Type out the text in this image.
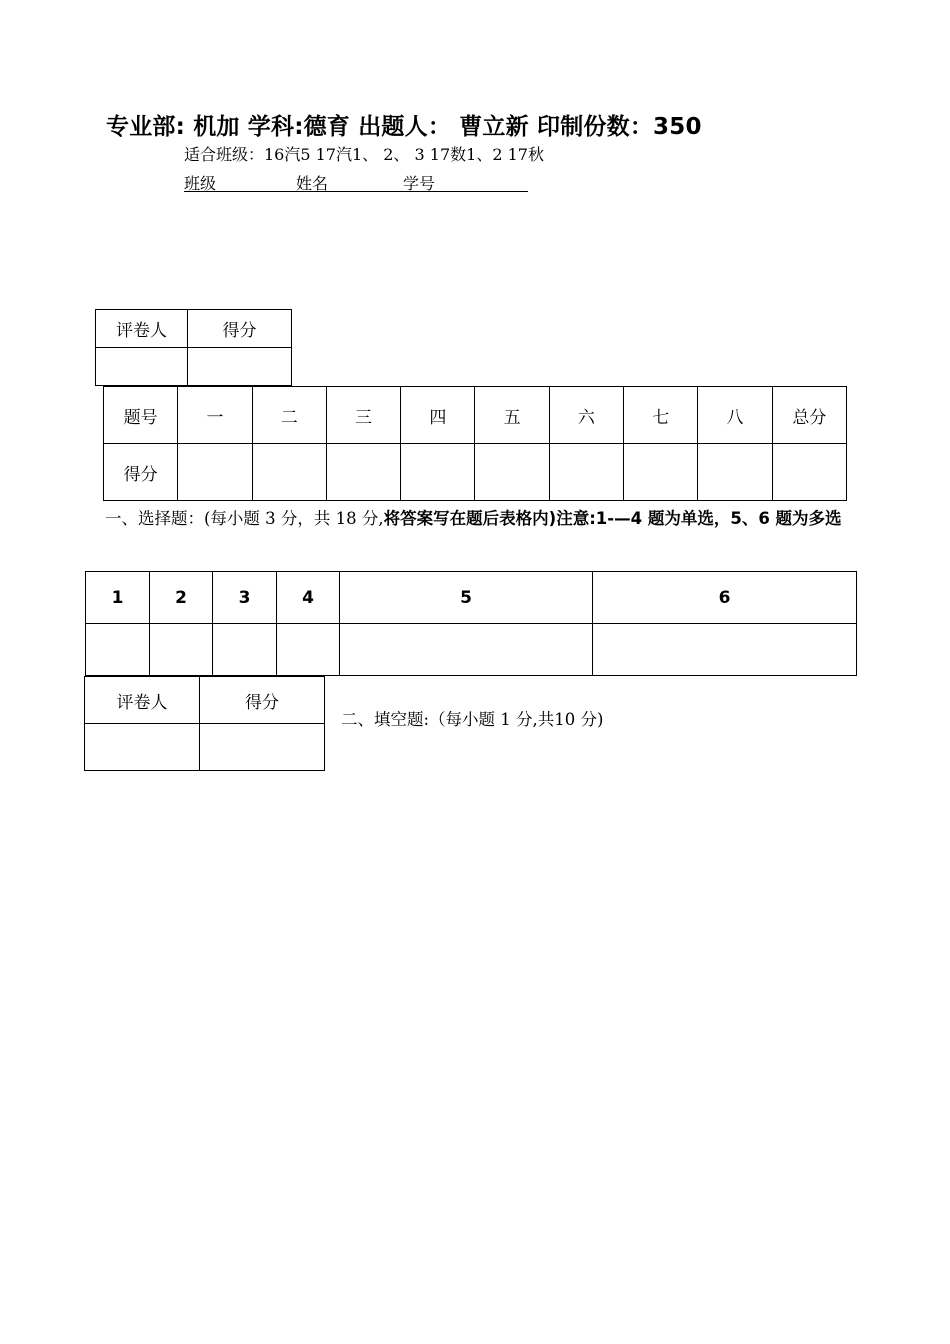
专业部: 机加 学科:德育 出题人： 曹立新 印制份数：350
适合班级：16汽5 17汽1、 2、 3 17数1、2 17秋
班级	姓名	学号
评卷人	得分

题号	一	二	三	四	五	六	七	八	总分
得分									
一、选择题：(每小题 3 分，共 18 分,将答案写在题后表格内)注意:1-—4 题为单选，5、6 题为多选
1	2	3	4	5	6

评卷人	得分

二、填空题:（每小题 1 分,共10 分)
